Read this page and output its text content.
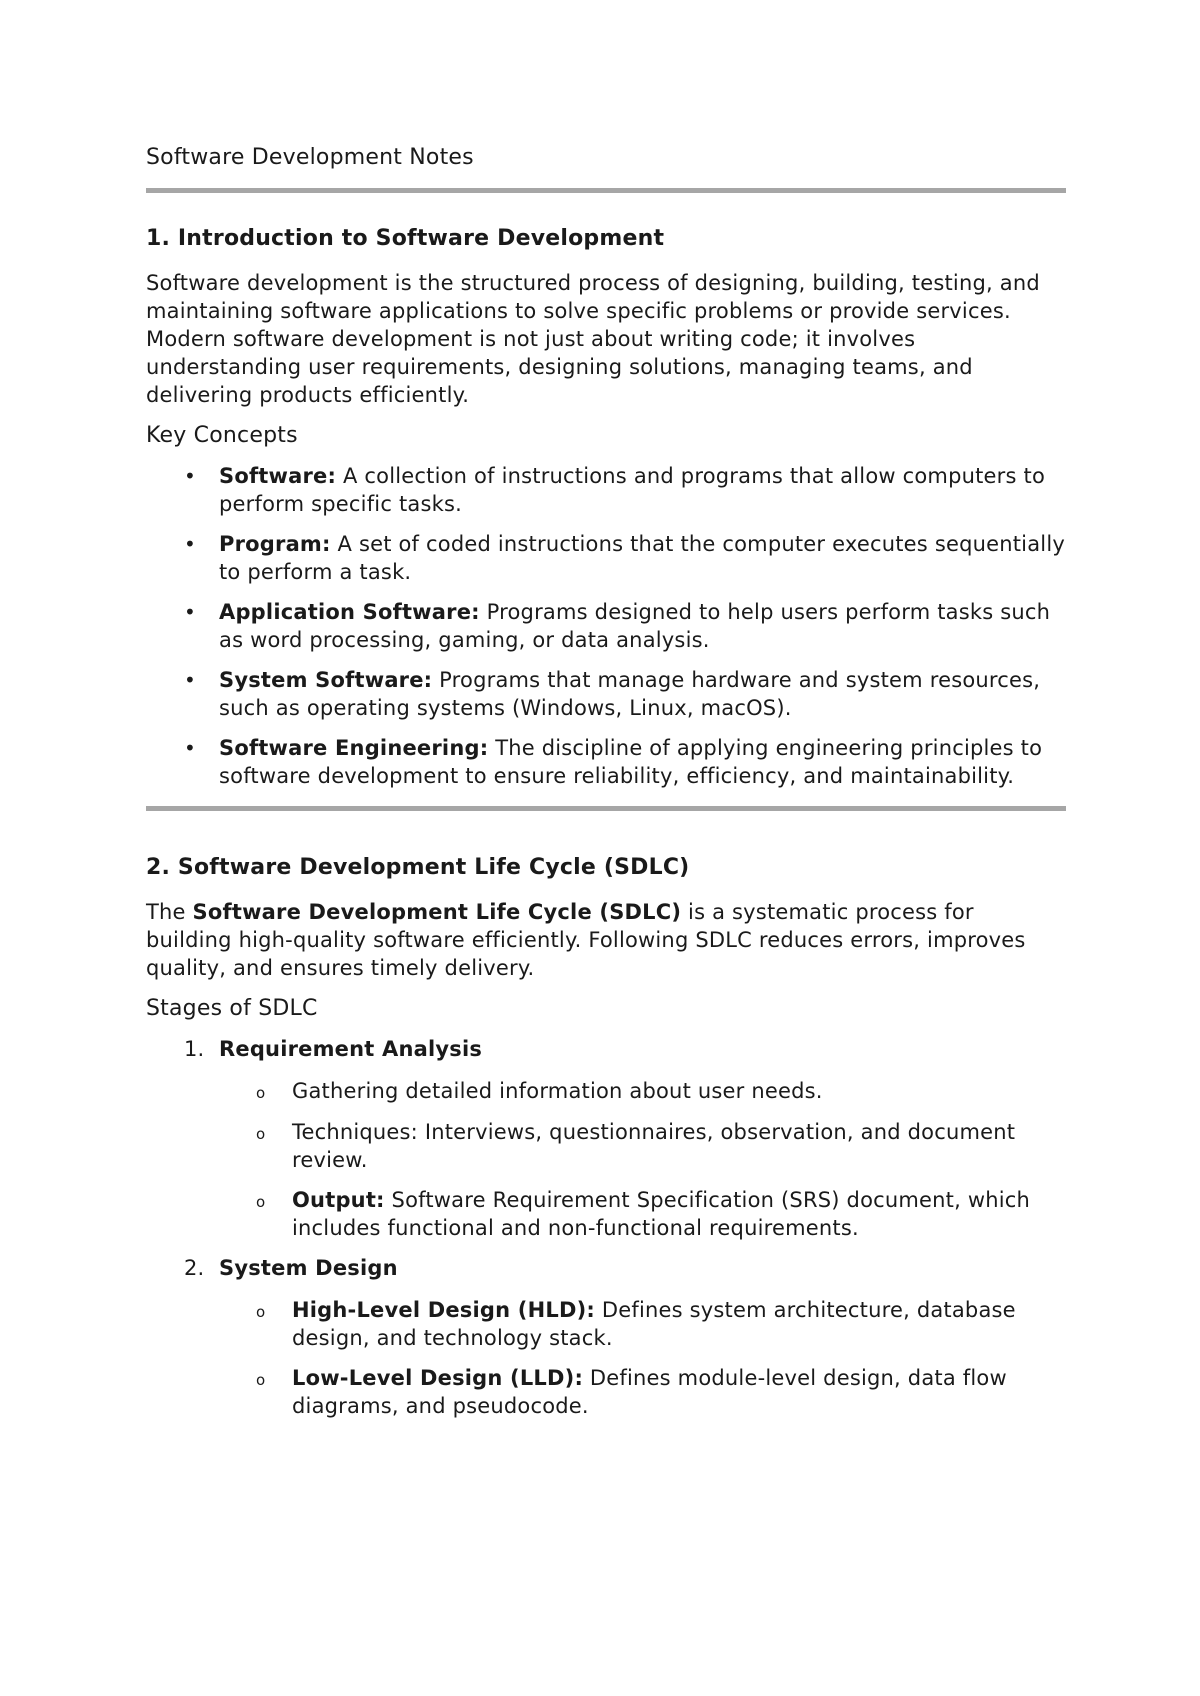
Software Development Notes
1. Introduction to Software Development

Software development is the structured process of designing, building, testing, and maintaining software applications to solve specific problems or provide services. Modern software development is not just about writing code; it involves understanding user requirements, designing solutions, managing teams, and delivering products efficiently.

Key Concepts
• Software: A collection of instructions and programs that allow computers to perform specific tasks.
• Program: A set of coded instructions that the computer executes sequentially to perform a task.
• Application Software: Programs designed to help users perform tasks such as word processing, gaming, or data analysis.
• System Software: Programs that manage hardware and system resources, such as operating systems (Windows, Linux, macOS).
• Software Engineering: The discipline of applying engineering principles to software development to ensure reliability, efficiency, and maintainability.
2. Software Development Life Cycle (SDLC)

The Software Development Life Cycle (SDLC) is a systematic process for building high-quality software efficiently. Following SDLC reduces errors, improves quality, and ensures timely delivery.

Stages of SDLC
1. Requirement Analysis
o Gathering detailed information about user needs.
o Techniques: Interviews, questionnaires, observation, and document review.
o Output: Software Requirement Specification (SRS) document, which includes functional and non-functional requirements.
2. System Design
o High-Level Design (HLD): Defines system architecture, database design, and technology stack.
o Low-Level Design (LLD): Defines module-level design, data flow diagrams, and pseudocode.
